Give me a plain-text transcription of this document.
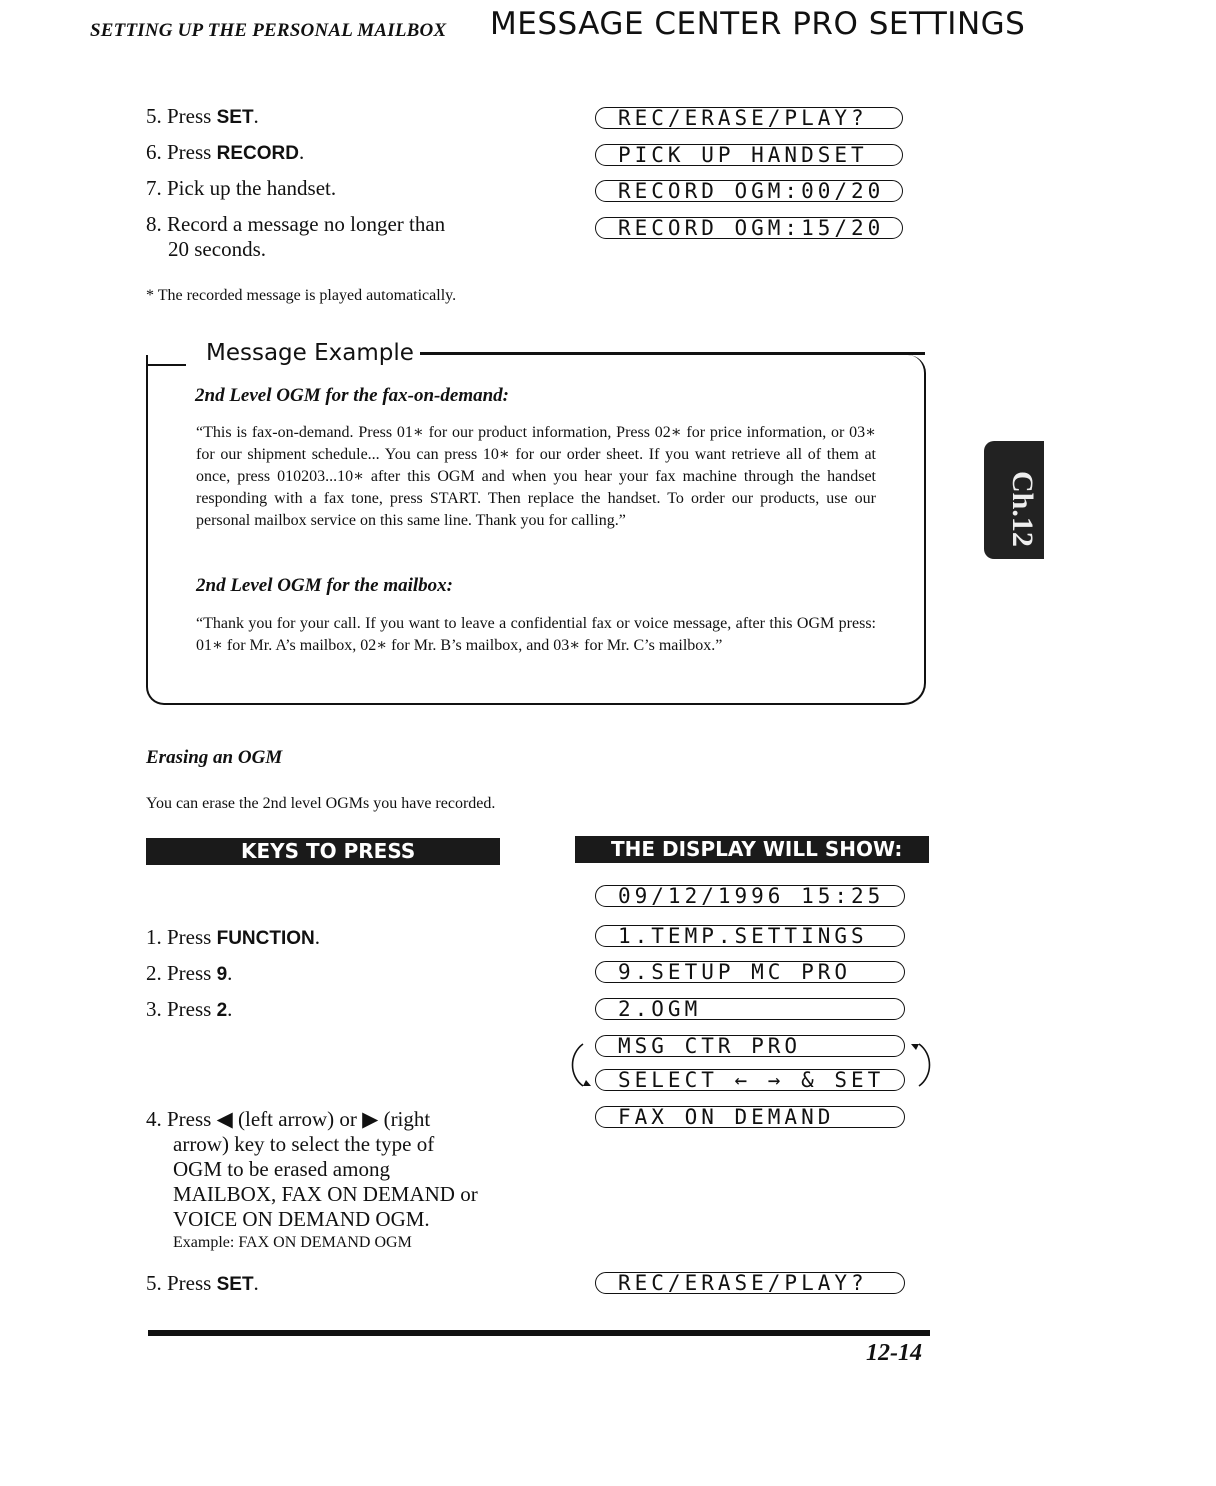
SETTING UP THE PERSONAL MAILBOX MESSAGE CENTER PRO SETTINGS
5. Press SET.
6. Press RECORD.
7. Pick up the handset.
8. Record a message no longer than
20 seconds.
REC/ERASE/PLAY?
PICK UP HANDSET
RECORD OGM:00/20
RECORD OGM:15/20
* The recorded message is played automatically.
Message Example
2nd Level OGM for the fax-on-demand:
“This is fax-on-demand. Press 01∗ for our product information, Press 02∗ for price information, or 03∗ for our shipment schedule... You can press 10∗ for our order sheet. If you want retrieve all of them at once, press 010203...10∗ after this OGM and when you hear your fax machine through the handset responding with a fax tone, press START. Then replace the handset. To order our products, use our personal mailbox service on this same line. Thank you for calling.”
2nd Level OGM for the mailbox:
“Thank you for your call. If you want to leave a confidential fax or voice message, after this OGM press: 01∗ for Mr. A’s mailbox, 02∗ for Mr. B’s mailbox, and 03∗ for Mr. C’s mailbox.”
Erasing an OGM
You can erase the 2nd level OGMs you have recorded.
KEYS TO PRESS	THE DISPLAY WILL SHOW:
1. Press FUNCTION.
2. Press 9.
3. Press 2.
4. Press ◀ (left arrow) or ▶ (right
arrow) key to select the type of
OGM to be erased among
MAILBOX, FAX ON DEMAND or
VOICE ON DEMAND OGM.
Example: FAX ON DEMAND OGM
5. Press SET.
09/12/1996 15:25
1.TEMP.SETTINGS
9.SETUP MC PRO
2.OGM
MSG CTR PRO
SELECT ← → & SET
FAX ON DEMAND
REC/ERASE/PLAY?
Ch.12
12-14
